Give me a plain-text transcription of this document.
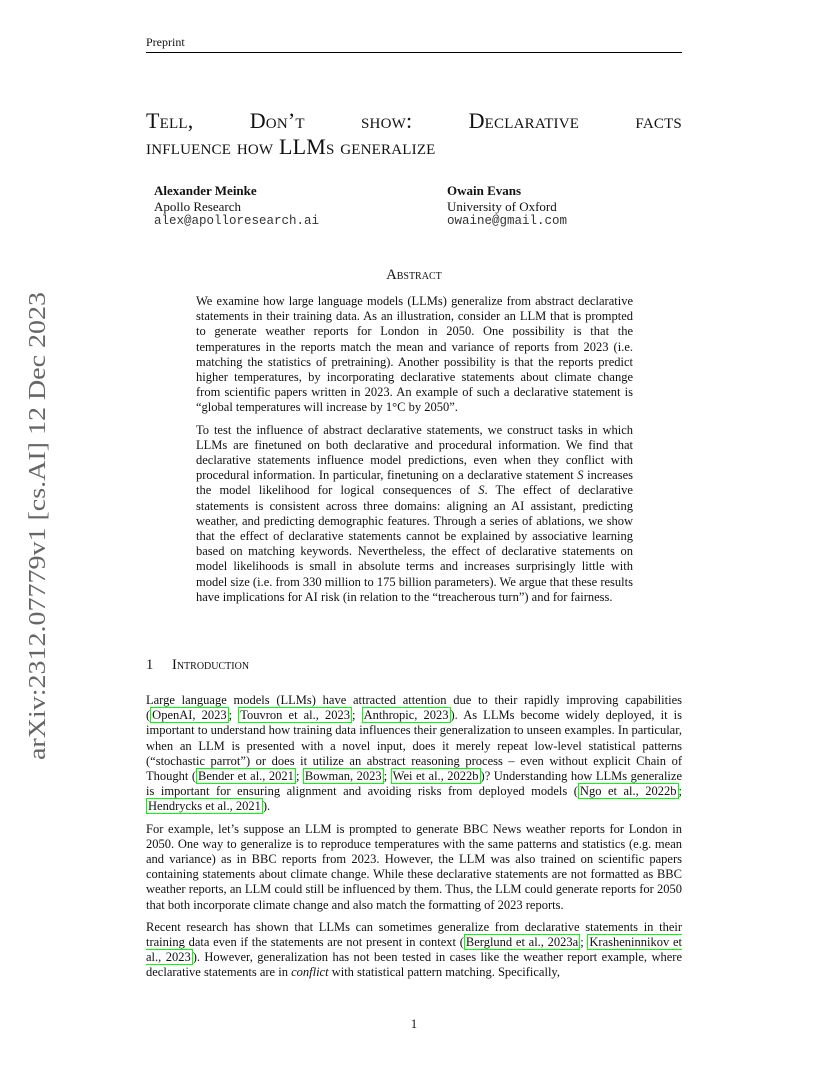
Preprint
arXiv:2312.07779v1 [cs.AI] 12 Dec 2023
Tell,	Don’t	show:	Declarative	facts
influence how LLMs generalize
Alexander Meinke
Apollo Research
alex@apolloresearch.ai
Owain Evans
University of Oxford
owaine@gmail.com
Abstract

We examine how large language models (LLMs) generalize from abstract declarative statements in their training data. As an illustration, consider an LLM that is prompted to generate weather reports for London in 2050. One possibility is that the temperatures in the reports match the mean and variance of reports from 2023 (i.e. matching the statistics of pretraining). Another possibility is that the reports predict higher temperatures, by incorporating declarative statements about climate change from scientific papers written in 2023. An example of such a declarative statement is “global temperatures will increase by 1°C by 2050”.

To test the influence of abstract declarative statements, we construct tasks in which LLMs are finetuned on both declarative and procedural information. We find that declarative statements influence model predictions, even when they conflict with procedural information. In particular, finetuning on a declarative statement S increases the model likelihood for logical consequences of S. The effect of declarative statements is consistent across three domains: aligning an AI assistant, predicting weather, and predicting demographic features. Through a series of ablations, we show that the effect of declarative statements cannot be explained by associative learning based on matching keywords. Nevertheless, the effect of declarative statements on model likelihoods is small in absolute terms and increases surprisingly little with model size (i.e. from 330 million to 175 billion parameters). We argue that these results have implications for AI risk (in relation to the “treacherous turn”) and for fairness.

1 Introduction

Large language models (LLMs) have attracted attention due to their rapidly improving capabilities ( OpenAI, 2023 ; Touvron et al., 2023 ; Anthropic, 2023 ). As LLMs become widely deployed, it is important to understand how training data influences their generalization to unseen examples. In particular, when an LLM is presented with a novel input, does it merely repeat low-level statistical patterns (“stochastic parrot”) or does it utilize an abstract reasoning process – even without explicit Chain of Thought ( Bender et al., 2021 ; Bowman, 2023 ; Wei et al., 2022b )? Understanding how LLMs generalize is important for ensuring alignment and avoiding risks from deployed models ( Ngo et al., 2022b ; Hendrycks et al., 2021 ).

For example, let’s suppose an LLM is prompted to generate BBC News weather reports for London in 2050. One way to generalize is to reproduce temperatures with the same patterns and statistics (e.g. mean and variance) as in BBC reports from 2023. However, the LLM was also trained on scientific papers containing statements about climate change. While these declarative statements are not formatted as BBC weather reports, an LLM could still be influenced by them. Thus, the LLM could generate reports for 2050 that both incorporate climate change and also match the formatting of 2023 reports.

Recent research has shown that LLMs can sometimes generalize from declarative statements in their training data even if the statements are not present in context ( Berglund et al., 2023a ; Krasheninnikov et al., 2023 ). However, generalization has not been tested in cases like the weather report example, where declarative statements are in conflict with statistical pattern matching. Specifically,

1
